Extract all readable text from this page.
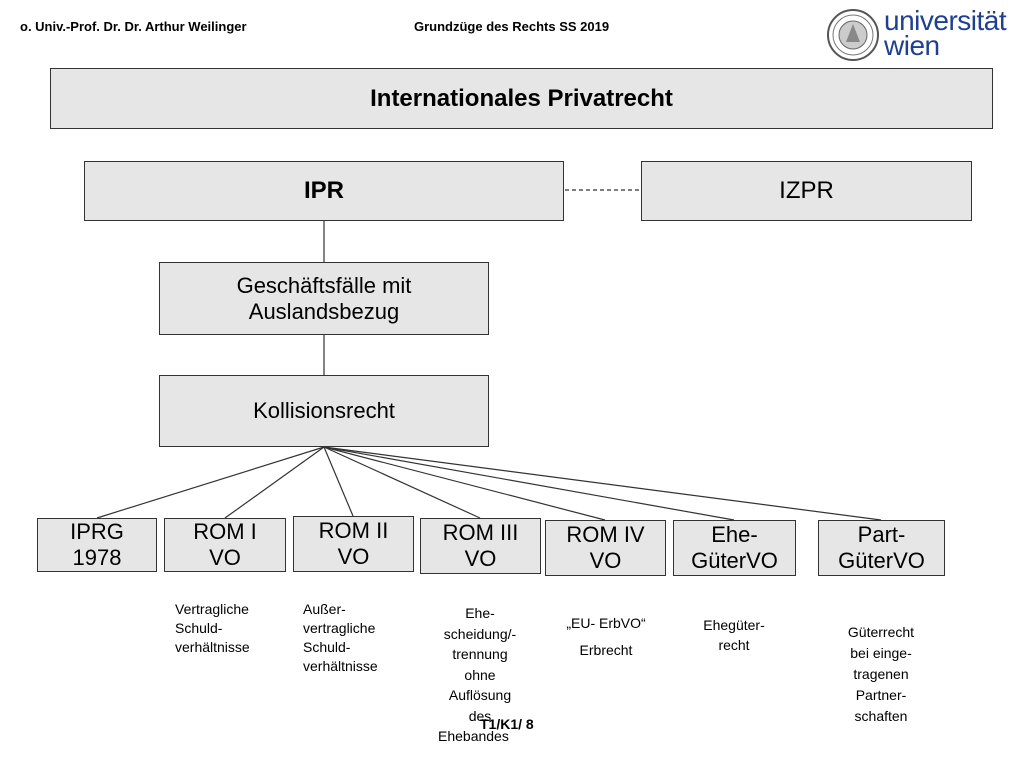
o. Univ.-Prof. Dr. Dr. Arthur Weilinger	Grundzüge des Rechts SS 2019	universität
wien
Internationales Privatrecht
IPR	IZPR
Geschäftsfälle mit
Auslandsbezug
Kollisionsrecht
IPRG
1978
ROM I
VO
ROM II
VO
ROM III
VO
ROM IV
VO
Ehe-
GüterVO
Part-
GüterVO
Vertragliche
Schuld-
verhältnisse
Außer-
vertragliche
Schuld-
verhältnisse
Ehe-
scheidung/-
trennung
ohne
Auflösung
des
Ehebandes
„EU- ErbVO“
Erbrecht
Ehegüter-
recht
Güterrecht
bei einge-
tragenen
Partner-
schaften
T1/K1/ 8
